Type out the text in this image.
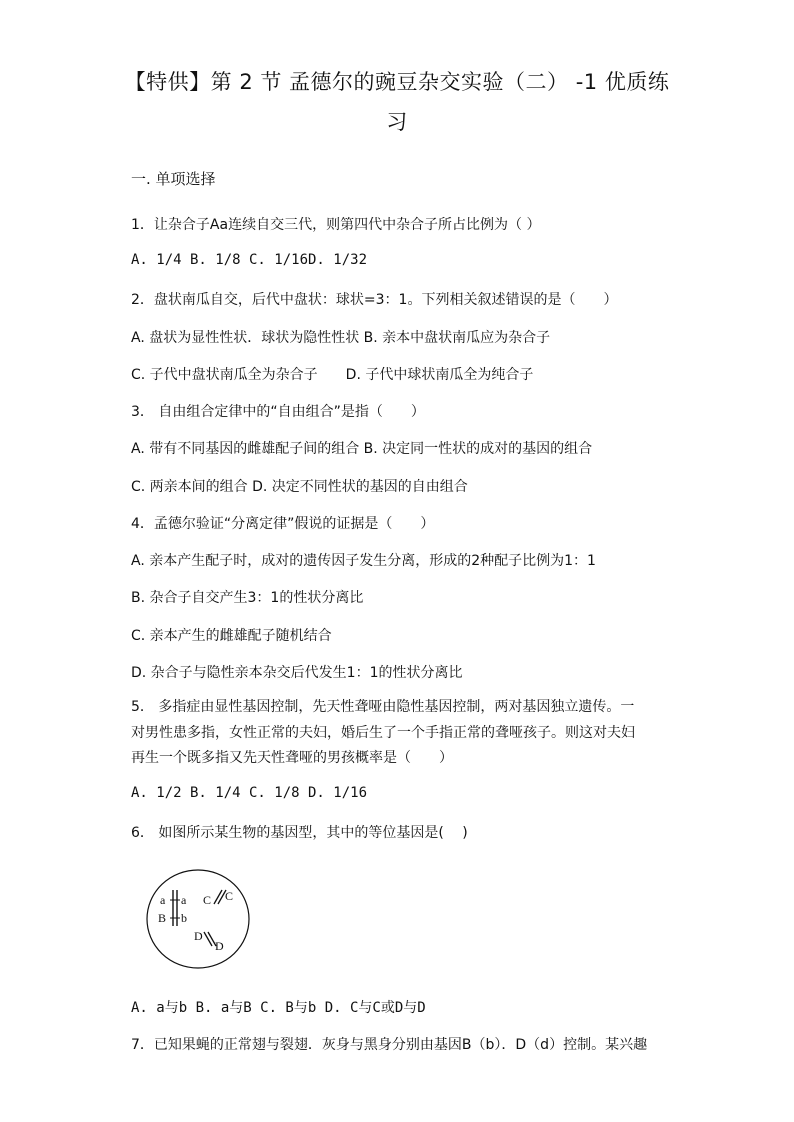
【特供】第 2 节 孟德尔的豌豆杂交实验（二） -1 优质练
习
一. 单项选择
1．让杂合子Aa连续自交三代，则第四代中杂合子所占比例为（ ）
A. 1/4 B. 1/8 C. 1/16D. 1/32
2．盘状南瓜自交，后代中盘状：球状=3：1。下列相关叙述错误的是（　　）
A. 盘状为显性性状．球状为隐性性状 B. 亲本中盘状南瓜应为杂合子
C. 子代中盘状南瓜全为杂合子　　D. 子代中球状南瓜全为纯合子
3． 自由组合定律中的“自由组合”是指（　　）
A. 带有不同基因的雌雄配子间的组合 B. 决定同一性状的成对的基因的组合
C. 两亲本间的组合 D. 决定不同性状的基因的自由组合
4．孟德尔验证“分离定律”假说的证据是（　　）
A. 亲本产生配子时，成对的遗传因子发生分离，形成的2种配子比例为1：1
B. 杂合子自交产生3：1的性状分离比
C. 亲本产生的雌雄配子随机结合
D. 杂合子与隐性亲本杂交后代发生1：1的性状分离比
5． 多指症由显性基因控制，先天性聋哑由隐性基因控制，两对基因独立遗传。一
对男性患多指，女性正常的夫妇，婚后生了一个手指正常的聋哑孩子。则这对夫妇
再生一个既多指又先天性聋哑的男孩概率是（　　）
A. 1/2 B. 1/4 C. 1/8 D. 1/16
6． 如图所示某生物的基因型，其中的等位基因是(　 )
a a
B b
C C
D
D
A. a与b B. a与B C. B与b D. C与C或D与D
7．已知果蝇的正常翅与裂翅．灰身与黑身分别由基因B（b）．D（d）控制。某兴趣
